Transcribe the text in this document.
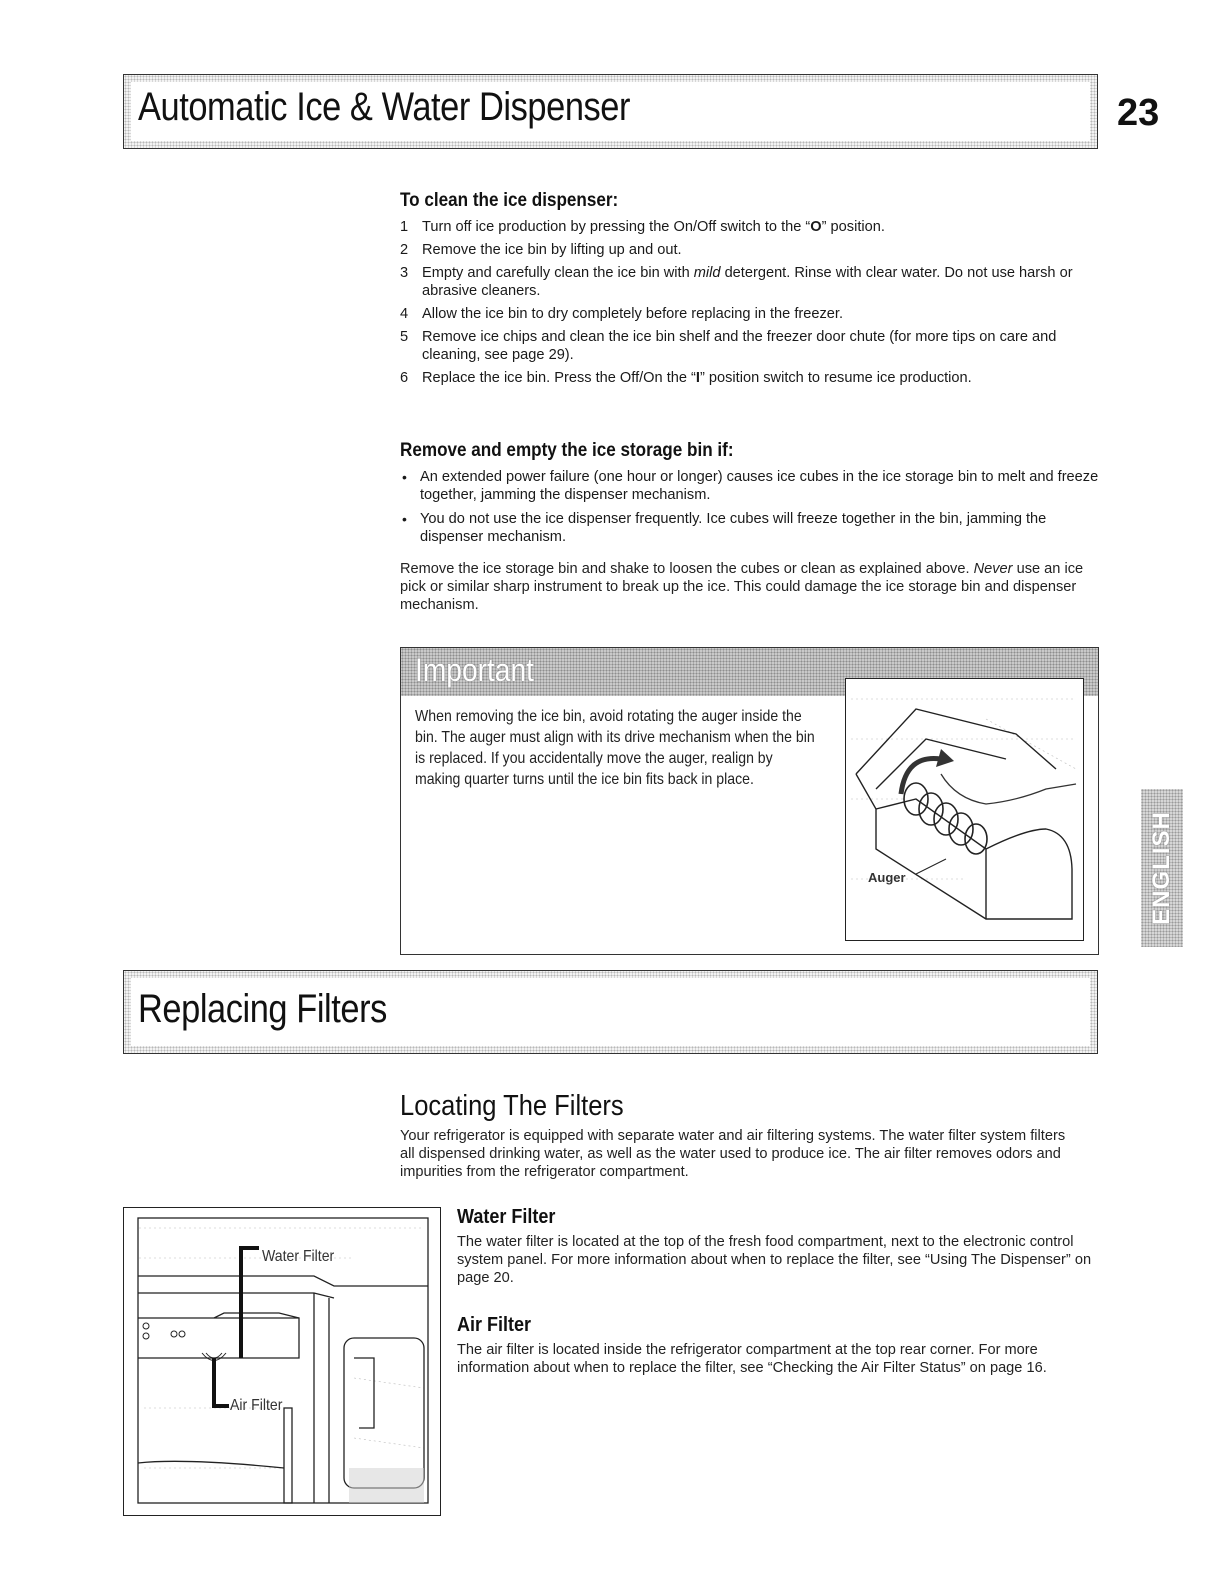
Automatic Ice & Water Dispenser	23
ENGLISH
To clean the ice dispenser:
1 Turn off ice production by pressing the On/Off switch to the “O” position.
2 Remove the ice bin by lifting up and out.
3 Empty and carefully clean the ice bin with mild detergent. Rinse with clear water. Do not use harsh or abrasive cleaners.
4 Allow the ice bin to dry completely before replacing in the freezer.
5 Remove ice chips and clean the ice bin shelf and the freezer door chute (for more tips on care and cleaning, see page 29).
6 Replace the ice bin. Press the Off/On the “I” position switch to resume ice production.
Remove and empty the ice storage bin if:
• An extended power failure (one hour or longer) causes ice cubes in the ice storage bin to melt and freeze together, jamming the dispenser mechanism.
• You do not use the ice dispenser frequently. Ice cubes will freeze together in the bin, jamming the dispenser mechanism.
Remove the ice storage bin and shake to loosen the cubes or clean as explained above. Never use an ice pick or similar sharp instrument to break up the ice. This could damage the ice storage bin and dispenser mechanism.
Important
When removing the ice bin, avoid rotating the auger inside the bin. The auger must align with its drive mechanism when the bin is replaced. If you accidentally move the auger, realign by making quarter turns until the ice bin fits back in place.
Auger
Replacing Filters
Locating The Filters
Your refrigerator is equipped with separate water and air filtering systems. The water filter system filters all dispensed drinking water, as well as the water used to produce ice. The air filter removes odors and impurities from the refrigerator compartment.
Water Filter
The water filter is located at the top of the fresh food compartment, next to the electronic control system panel. For more information about when to replace the filter, see “Using The Dispenser” on page 20.
Air Filter
The air filter is located inside the refrigerator compartment at the top rear corner. For more information about when to replace the filter, see “Checking the Air Filter Status” on page 16.
Water Filter
Air Filter
